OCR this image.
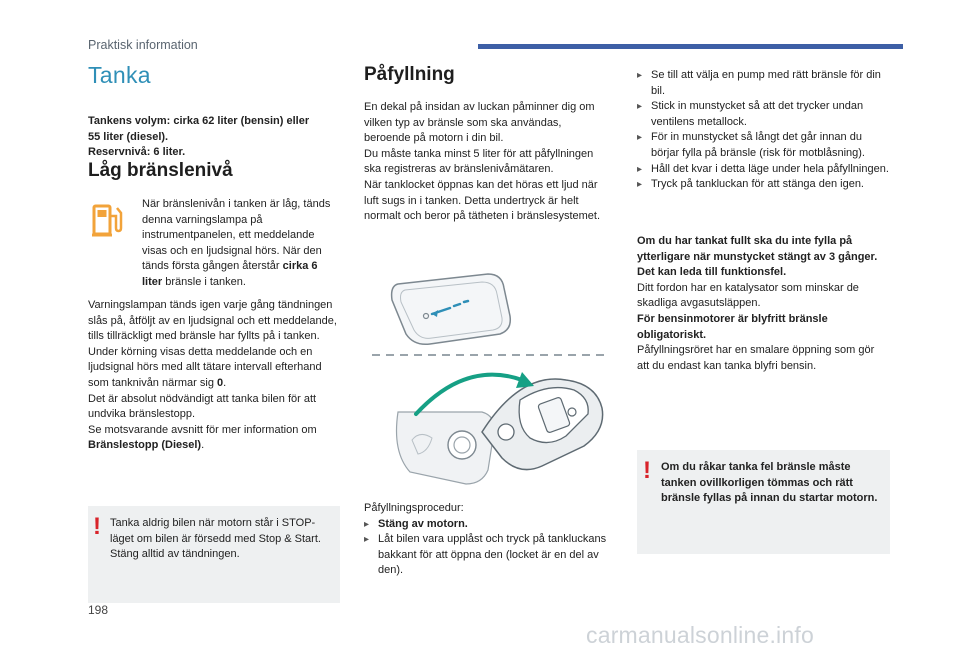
Praktisk information
Tanka

Tankens volym: cirka 62 liter (bensin) eller

55 liter (diesel).

Reservnivå: 6 liter.

Låg bränslenivå
När bränslenivån i tanken är låg, tänds denna varningslampa på instrumentpanelen, ett meddelande visas och en ljudsignal hörs. När den tänds första gången återstår cirka 6 liter bränsle i tanken.

Varningslampan tänds igen varje gång tändningen slås på, åtföljt av en ljudsignal och ett meddelande, tills tillräckligt med bränsle har fyllts på i tanken. Under körning visas detta meddelande och en ljudsignal hörs med allt tätare intervall efterhand som tanknivån närmar sig 0.

Det är absolut nödvändigt att tanka bilen för att undvika bränslestopp.

Se motsvarande avsnitt för mer information om
Bränslestopp (Diesel).

! Tanka aldrig bilen när motorn står i STOP-läget om bilen är försedd med Stop & Start. Stäng alltid av tändningen.
Påfyllning

En dekal på insidan av luckan påminner dig om vilken typ av bränsle som ska användas, beroende på motorn i din bil.

Du måste tanka minst 5 liter för att påfyllningen ska registreras av bränslenivåmätaren.

När tanklocket öppnas kan det höras ett ljud när luft sugs in i tanken. Detta undertryck är helt normalt och beror på tätheten i bränslesystemet.

Påfyllningsprocedur:

▸ Stäng av motorn.
▸ Låt bilen vara upplåst och tryck på tankluckans bakkant för att öppna den (locket är en del av den).
▸ Se till att välja en pump med rätt bränsle för din bil.
▸ Stick in munstycket så att det trycker undan ventilens metallock.
▸ För in munstycket så långt det går innan du börjar fylla på bränsle (risk för motblåsning).
▸ Håll det kvar i detta läge under hela påfyllningen.
▸ Tryck på tankluckan för att stänga den igen.

Om du har tankat fullt ska du inte fylla på ytterligare när munstycket stängt av 3 gånger. Det kan leda till funktionsfel.

Ditt fordon har en katalysator som minskar de skadliga avgasutsläppen.

För bensinmotorer är blyfritt bränsle obligatoriskt.

Påfyllningsröret har en smalare öppning som gör att du endast kan tanka blyfri bensin.

! Om du råkar tanka fel bränsle måste tanken ovillkorligen tömmas och rätt bränsle fyllas på innan du startar motorn.
198
carmanualsonline.info
